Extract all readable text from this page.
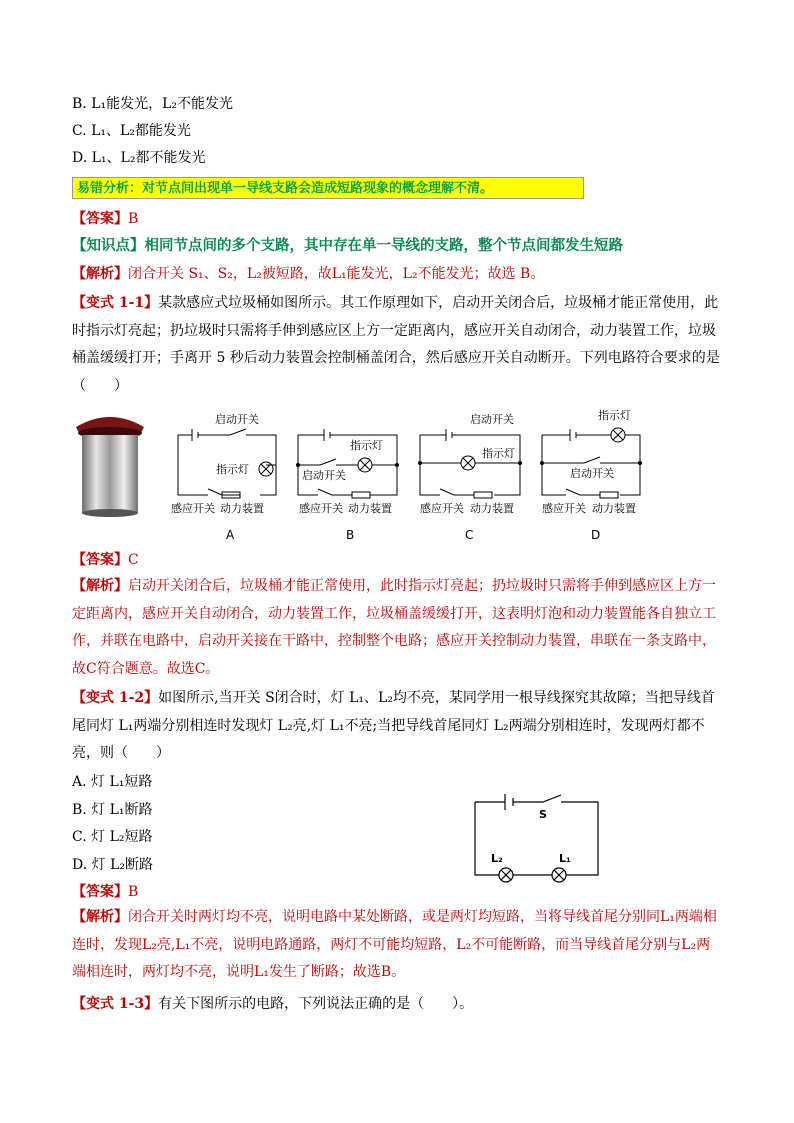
B. L₁能发光，L₂不能发光
C. L₁、L₂都能发光
D. L₁、L₂都不能发光
易错分析：对节点间出现单一导线支路会造成短路现象的概念理解不清。
【答案】B
【知识点】相同节点间的多个支路，其中存在单一导线的支路，整个节点间都发生短路
【解析】闭合开关 S₁、S₂，L₂被短路，故L₁能发光，L₂不能发光；故选 B。
【变式 1-1】某款感应式垃圾桶如图所示。其工作原理如下，启动开关闭合后，垃圾桶才能正常使用，此时指示灯亮起；扔垃圾时只需将手伸到感应区上方一定距离内，感应开关自动闭合，动力装置工作，垃圾桶盖缓缓打开；手离开 5 秒后动力装置会控制桶盖闭合，然后感应开关自动断开。下列电路符合要求的是（　　）
启动开关
指示灯
感应开关 动力装置
A
指示灯
启动开关
感应开关 动力装置
B
启动开关
指示灯
感应开关 动力装置
C
指示灯
启动开关
感应开关 动力装置
D
【答案】C
【解析】启动开关闭合后，垃圾桶才能正常使用，此时指示灯亮起；扔垃圾时只需将手伸到感应区上方一定距离内，感应开关自动闭合，动力装置工作，垃圾桶盖缓缓打开，这表明灯泡和动力装置能各自独立工作，并联在电路中，启动开关接在干路中，控制整个电路；感应开关控制动力装置，串联在一条支路中，故C符合题意。故选C。
【变式 1-2】如图所示,当开关 S闭合时，灯 L₁、L₂均不亮，某同学用一根导线探究其故障；当把导线首尾同灯 L₁两端分别相连时发现灯 L₂亮,灯 L₁不亮;当把导线首尾同灯 L₂两端分别相连时，发现两灯都不亮，则（　　）
A. 灯 L₁短路
B. 灯 L₁断路
C. 灯 L₂短路
D. 灯 L₂断路
S
L₂	L₁
【答案】B
【解析】闭合开关时两灯均不亮，说明电路中某处断路，或是两灯均短路，当将导线首尾分别同L₁两端相连时，发现L₂亮,L₁不亮，说明电路通路，两灯不可能均短路，L₂不可能断路，而当导线首尾分别与L₂两端相连时，两灯均不亮，说明L₁发生了断路；故选B。
【变式 1-3】有关下图所示的电路，下列说法正确的是（　　）。
